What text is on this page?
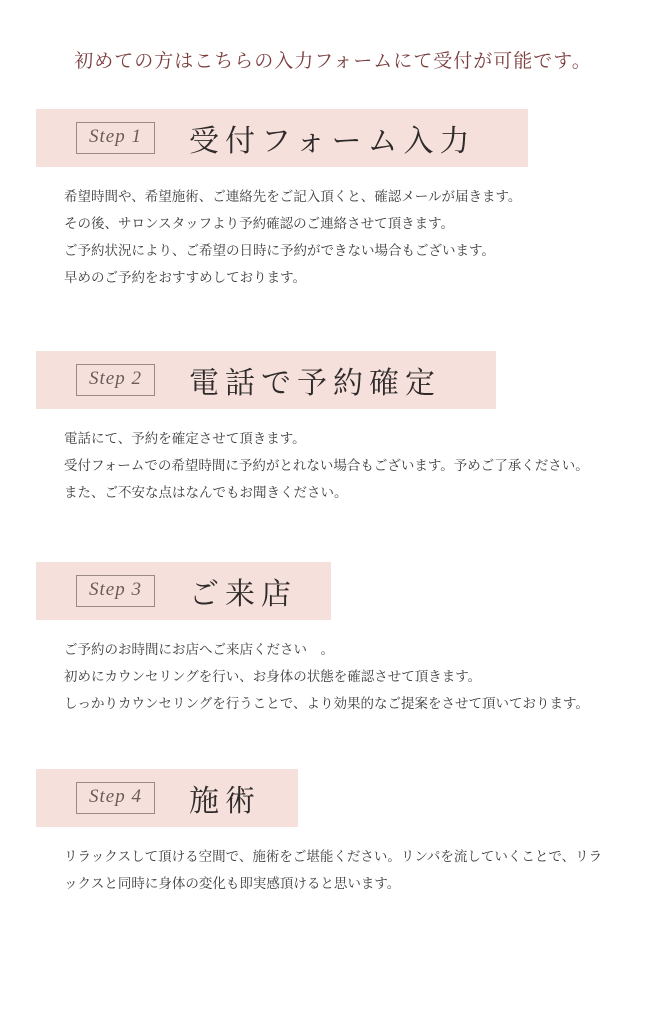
初めての方はこちらの入力フォームにて受付が可能です。
Step 1	受付フォーム入力

希望時間や、希望施術、ご連絡先をご記入頂くと、確認メールが届きます。

その後、サロンスタッフより予約確認のご連絡させて頂きます。

ご予約状況により、ご希望の日時に予約ができない場合もございます。

早めのご予約をおすすめしております。

Step 2	電話で予約確定

電話にて、予約を確定させて頂きます。

受付フォームでの希望時間に予約がとれない場合もございます。予めご了承ください。

また、ご不安な点はなんでもお聞きください。

Step 3	ご来店

ご予約のお時間にお店へご来店ください　。

初めにカウンセリングを行い、お身体の状態を確認させて頂きます。

しっかりカウンセリングを行うことで、より効果的なご提案をさせて頂いております。

Step 4	施術

リラックスして頂ける空間で、施術をご堪能ください。リンパを流していくことで、リラックスと同時に身体の変化も即実感頂けると思います。
